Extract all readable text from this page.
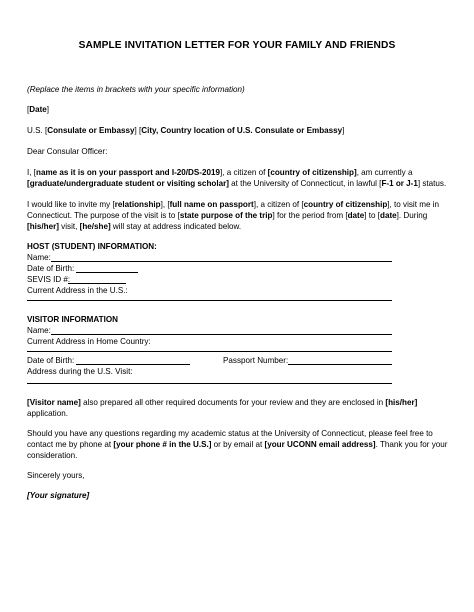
SAMPLE INVITATION LETTER FOR YOUR FAMILY AND FRIENDS
(Replace the items in brackets with your specific information)
[Date]
U.S. [Consulate or Embassy] [City, Country location of U.S. Consulate or Embassy]
Dear Consular Officer:
I, [name as it is on your passport and I-20/DS-2019], a citizen of [country of citizenship], am currently a
[graduate/undergraduate student or visiting scholar] at the University of Connecticut, in lawful [F-1 or J-1] status.
I would like to invite my [relationship], [full name on passport], a citizen of [country of citizenship], to visit me in
Connecticut. The purpose of the visit is to [state purpose of the trip] for the period from [date] to [date]. During
[his/her] visit, [he/she] will stay at address indicated below.
HOST (STUDENT) INFORMATION:
Name:
Date of Birth:
SEVIS ID #:
Current Address in the U.S.:
VISITOR INFORMATION
Name:
Current Address in Home Country:
Date of Birth:	Passport Number:
Address during the U.S. Visit:
[Visitor name] also prepared all other required documents for your review and they are enclosed in [his/her]
application.
Should you have any questions regarding my academic status at the University of Connecticut, please feel free to
contact me by phone at [your phone # in the U.S.] or by email at [your UCONN email address]. Thank you for your
consideration.
Sincerely yours,
[Your signature]
